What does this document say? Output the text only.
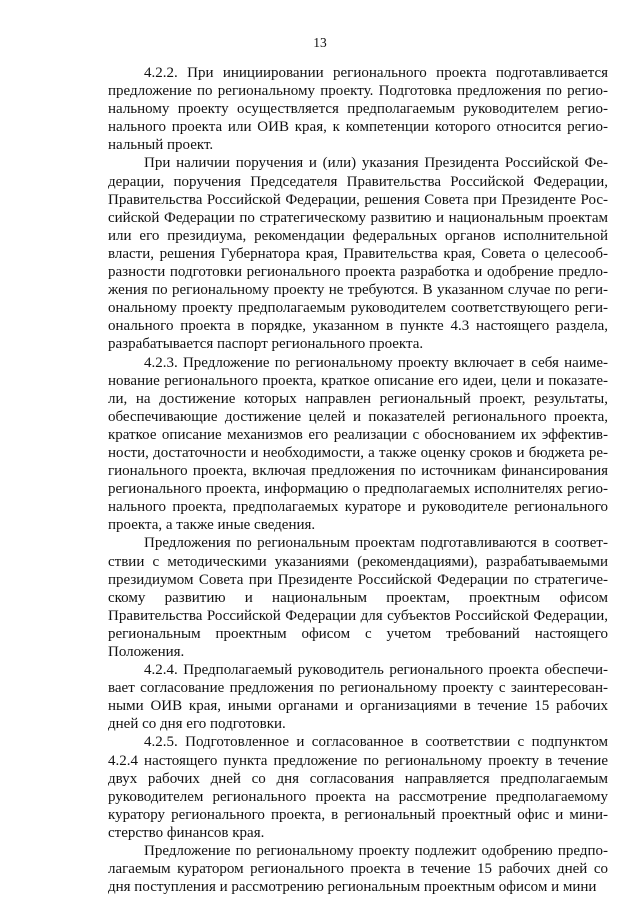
13

4.2.2. При инициировании регионального проекта подготавливается предложение по региональному проекту. Подготовка предложения по региональному проекту осуществляется предполагаемым руководителем регионального проекта или ОИВ края, к компетенции которого относится региональный проект.

При наличии поручения и (или) указания Президента Российской Федерации, поручения Председателя Правительства Российской Федерации, Правительства Российской Федерации, решения Совета при Президенте Российской Федерации по стратегическому развитию и национальным проектам или его президиума, рекомендации федеральных органов исполнительной власти, решения Губернатора края, Правительства края, Совета о целесообразности подготовки регионального проекта разработка и одобрение предложения по региональному проекту не требуются. В указанном случае по региональному проекту предполагаемым руководителем соответствующего регионального проекта в порядке, указанном в пункте 4.3 настоящего раздела, разрабатывается паспорт регионального проекта.

4.2.3. Предложение по региональному проекту включает в себя наименование регионального проекта, краткое описание его идеи, цели и показатели, на достижение которых направлен региональный проект, результаты, обеспечивающие достижение целей и показателей регионального проекта, краткое описание механизмов его реализации с обоснованием их эффективности, достаточности и необходимости, а также оценку сроков и бюджета регионального проекта, включая предложения по источникам финансирования регионального проекта, информацию о предполагаемых исполнителях регионального проекта, предполагаемых кураторе и руководителе регионального проекта, а также иные сведения.

Предложения по региональным проектам подготавливаются в соответствии с методическими указаниями (рекомендациями), разрабатываемыми президиумом Совета при Президенте Российской Федерации по стратегическому развитию и национальным проектам, проектным офисом Правительства Российской Федерации для субъектов Российской Федерации, региональным проектным офисом с учетом требований настоящего Положения.

4.2.4. Предполагаемый руководитель регионального проекта обеспечивает согласование предложения по региональному проекту с заинтересованными ОИВ края, иными органами и организациями в течение 15 рабочих дней со дня его подготовки.

4.2.5. Подготовленное и согласованное в соответствии с подпунктом 4.2.4 настоящего пункта предложение по региональному проекту в течение двух рабочих дней со дня согласования направляется предполагаемым руководителем регионального проекта на рассмотрение предполагаемому куратору регионального проекта, в региональный проектный офис и министерство финансов края.

Предложение по региональному проекту подлежит одобрению предполагаемым куратором регионального проекта в течение 15 рабочих дней со дня поступления и рассмотрению региональным проектным офисом и мини
